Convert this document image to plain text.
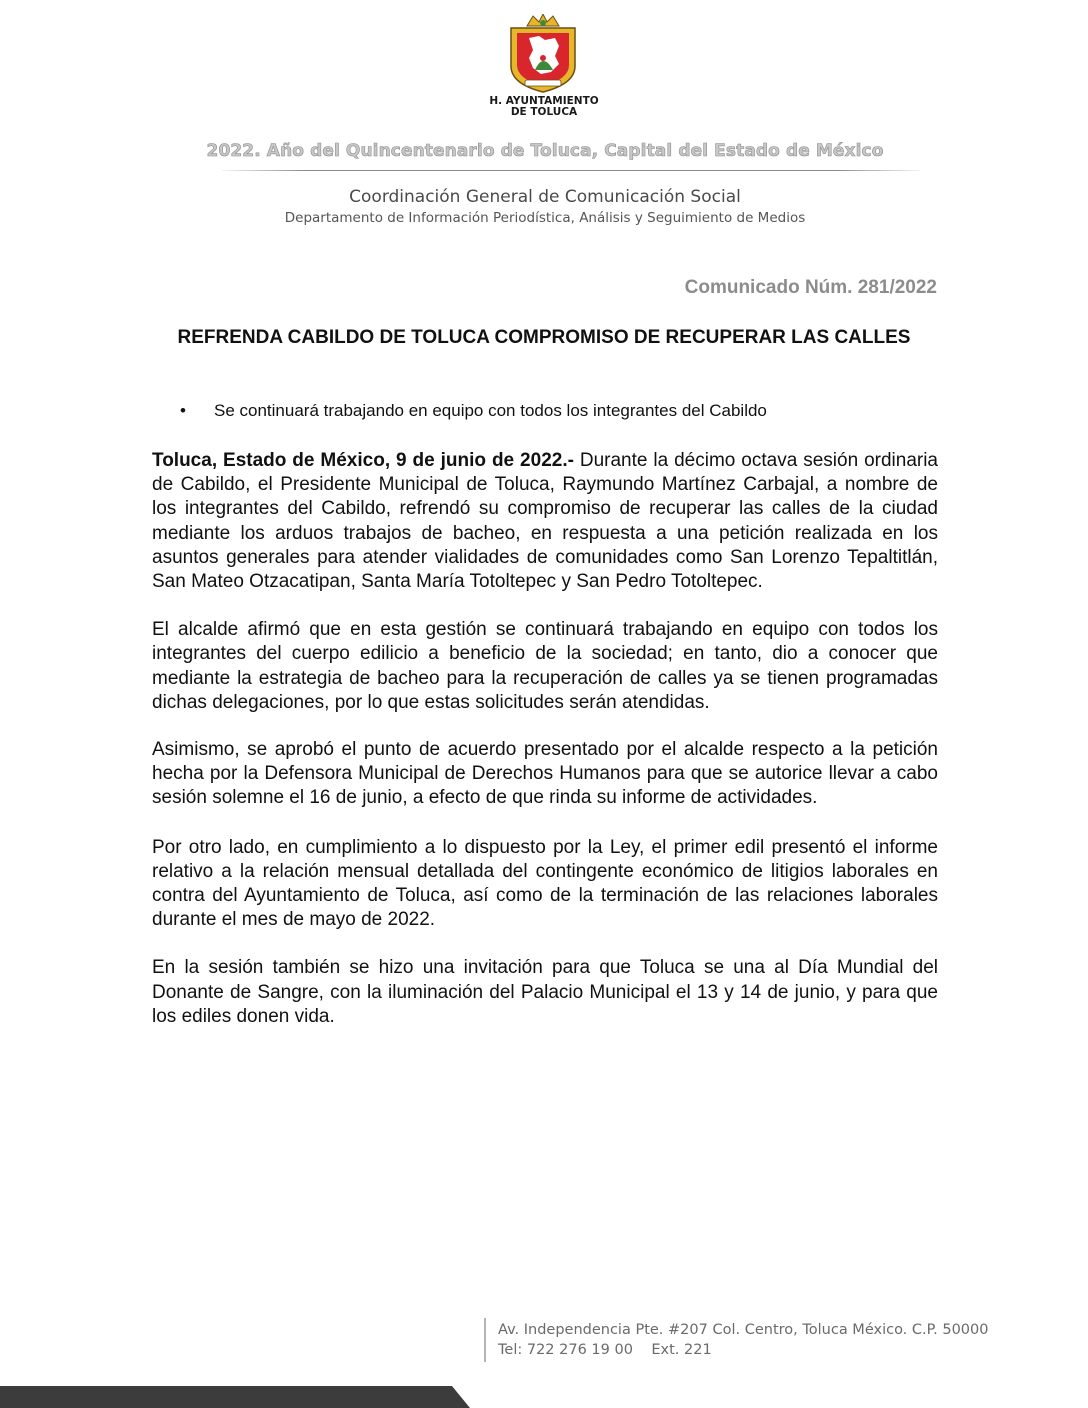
H. AYUNTAMIENTO
DE TOLUCA
2022. Año del Quincentenario de Toluca, Capital del Estado de México
Coordinación General de Comunicación Social
Departamento de Información Periodística, Análisis y Seguimiento de Medios
Comunicado Núm. 281/2022
REFRENDA CABILDO DE TOLUCA COMPROMISO DE RECUPERAR LAS CALLES
• Se continuará trabajando en equipo con todos los integrantes del Cabildo

Toluca, Estado de México, 9 de junio de 2022.- Durante la décimo octava sesión ordinaria de Cabildo, el Presidente Municipal de Toluca, Raymundo Martínez Carbajal, a nombre de los integrantes del Cabildo, refrendó su compromiso de recuperar las calles de la ciudad mediante los arduos trabajos de bacheo, en respuesta a una petición realizada en los asuntos generales para atender vialidades de comunidades como San Lorenzo Tepaltitlán, San Mateo Otzacatipan, Santa María Totoltepec y San Pedro Totoltepec.

El alcalde afirmó que en esta gestión se continuará trabajando en equipo con todos los integrantes del cuerpo edilicio a beneficio de la sociedad; en tanto, dio a conocer que mediante la estrategia de bacheo para la recuperación de calles ya se tienen programadas dichas delegaciones, por lo que estas solicitudes serán atendidas.

Asimismo, se aprobó el punto de acuerdo presentado por el alcalde respecto a la petición hecha por la Defensora Municipal de Derechos Humanos para que se autorice llevar a cabo sesión solemne el 16 de junio, a efecto de que rinda su informe de actividades.

Por otro lado, en cumplimiento a lo dispuesto por la Ley, el primer edil presentó el informe relativo a la relación mensual detallada del contingente económico de litigios laborales en contra del Ayuntamiento de Toluca, así como de la terminación de las relaciones laborales durante el mes de mayo de 2022.

En la sesión también se hizo una invitación para que Toluca se una al Día Mundial del Donante de Sangre, con la iluminación del Palacio Municipal el 13 y 14 de junio, y para que los ediles donen vida.

Av. Independencia Pte. #207 Col. Centro, Toluca México. C.P. 50000
Tel: 722 276 19 00    Ext. 221
